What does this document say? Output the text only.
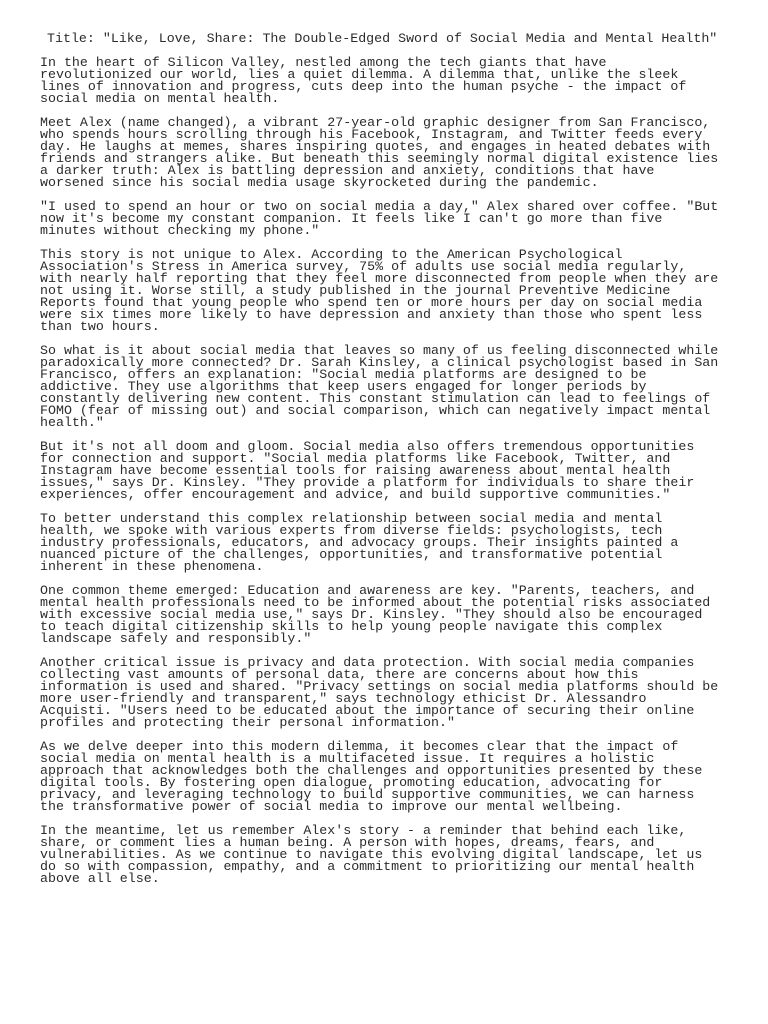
Title: "Like, Love, Share: The Double-Edged Sword of Social Media and Mental Health"
In the heart of Silicon Valley, nestled among the tech giants that have
revolutionized our world, lies a quiet dilemma. A dilemma that, unlike the sleek
lines of innovation and progress, cuts deep into the human psyche - the impact of
social media on mental health.
Meet Alex (name changed), a vibrant 27-year-old graphic designer from San Francisco,
who spends hours scrolling through his Facebook, Instagram, and Twitter feeds every
day. He laughs at memes, shares inspiring quotes, and engages in heated debates with
friends and strangers alike. But beneath this seemingly normal digital existence lies
a darker truth: Alex is battling depression and anxiety, conditions that have
worsened since his social media usage skyrocketed during the pandemic.
"I used to spend an hour or two on social media a day," Alex shared over coffee. "But
now it's become my constant companion. It feels like I can't go more than five
minutes without checking my phone."
This story is not unique to Alex. According to the American Psychological
Association's Stress in America survey, 75% of adults use social media regularly,
with nearly half reporting that they feel more disconnected from people when they are
not using it. Worse still, a study published in the journal Preventive Medicine
Reports found that young people who spend ten or more hours per day on social media
were six times more likely to have depression and anxiety than those who spent less
than two hours.
So what is it about social media that leaves so many of us feeling disconnected while
paradoxically more connected? Dr. Sarah Kinsley, a clinical psychologist based in San
Francisco, offers an explanation: "Social media platforms are designed to be
addictive. They use algorithms that keep users engaged for longer periods by
constantly delivering new content. This constant stimulation can lead to feelings of
FOMO (fear of missing out) and social comparison, which can negatively impact mental
health."
But it's not all doom and gloom. Social media also offers tremendous opportunities
for connection and support. "Social media platforms like Facebook, Twitter, and
Instagram have become essential tools for raising awareness about mental health
issues," says Dr. Kinsley. "They provide a platform for individuals to share their
experiences, offer encouragement and advice, and build supportive communities."
To better understand this complex relationship between social media and mental
health, we spoke with various experts from diverse fields: psychologists, tech
industry professionals, educators, and advocacy groups. Their insights painted a
nuanced picture of the challenges, opportunities, and transformative potential
inherent in these phenomena.
One common theme emerged: Education and awareness are key. "Parents, teachers, and
mental health professionals need to be informed about the potential risks associated
with excessive social media use," says Dr. Kinsley. "They should also be encouraged
to teach digital citizenship skills to help young people navigate this complex
landscape safely and responsibly."
Another critical issue is privacy and data protection. With social media companies
collecting vast amounts of personal data, there are concerns about how this
information is used and shared. "Privacy settings on social media platforms should be
more user-friendly and transparent," says technology ethicist Dr. Alessandro
Acquisti. "Users need to be educated about the importance of securing their online
profiles and protecting their personal information."
As we delve deeper into this modern dilemma, it becomes clear that the impact of
social media on mental health is a multifaceted issue. It requires a holistic
approach that acknowledges both the challenges and opportunities presented by these
digital tools. By fostering open dialogue, promoting education, advocating for
privacy, and leveraging technology to build supportive communities, we can harness
the transformative power of social media to improve our mental wellbeing.
In the meantime, let us remember Alex's story - a reminder that behind each like,
share, or comment lies a human being. A person with hopes, dreams, fears, and
vulnerabilities. As we continue to navigate this evolving digital landscape, let us
do so with compassion, empathy, and a commitment to prioritizing our mental health
above all else.
